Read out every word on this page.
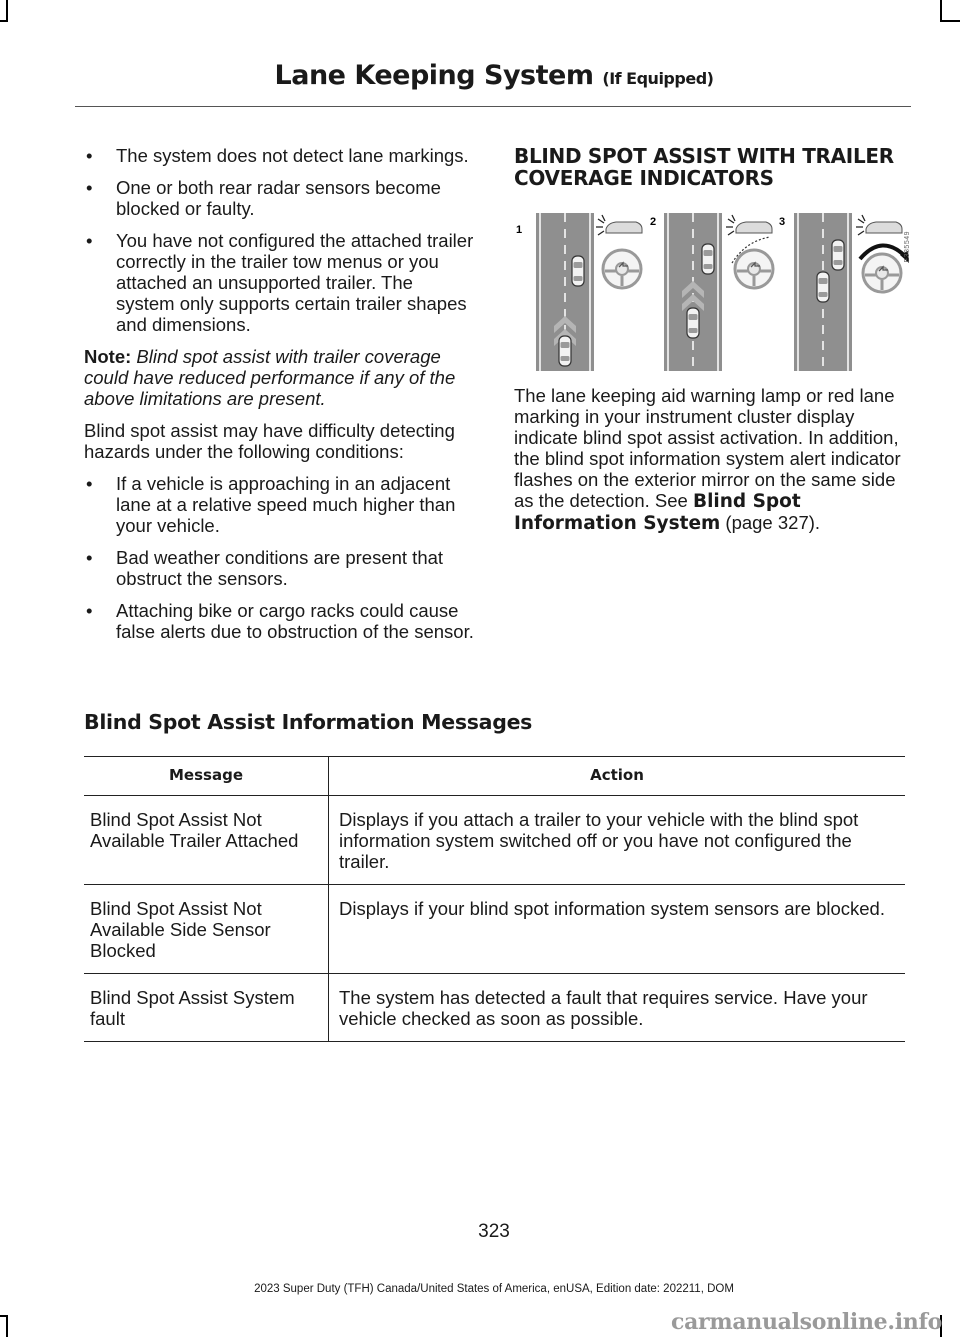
Lane Keeping System (If Equipped)
• The system does not detect lane markings.
• One or both rear radar sensors become blocked or faulty.
• You have not configured the attached trailer correctly in the trailer tow menus or you attached an unsupported trailer. The system only supports certain trailer shapes and dimensions.

Note: Blind spot assist with trailer coverage could have reduced performance if any of the above limitations are present.

Blind spot assist may have difficulty detecting hazards under the following conditions:

• If a vehicle is approaching in an adjacent lane at a relative speed much higher than your vehicle.
• Bad weather conditions are present that obstruct the sensors.
• Attaching bike or cargo racks could cause false alerts due to obstruction of the sensor.
BLIND SPOT ASSIST WITH TRAILER COVERAGE INDICATORS
1
2	3
E385549

The lane keeping aid warning lamp or red lane marking in your instrument cluster display indicate blind spot assist activation. In addition, the blind spot information system alert indicator flashes on the exterior mirror on the same side as the detection. See Blind Spot Information System (page 327).

Blind Spot Assist Information Messages
Message	Action
Blind Spot Assist Not Available Trailer Attached	Displays if you attach a trailer to your vehicle with the blind spot information system switched off or you have not configured the trailer.
Blind Spot Assist Not Available Side Sensor Blocked	Displays if your blind spot information system sensors are blocked.
Blind Spot Assist System fault	The system has detected a fault that requires service. Have your vehicle checked as soon as possible.
323
2023 Super Duty (TFH) Canada/United States of America, enUSA, Edition date: 202211, DOM
carmanualsonline.info
